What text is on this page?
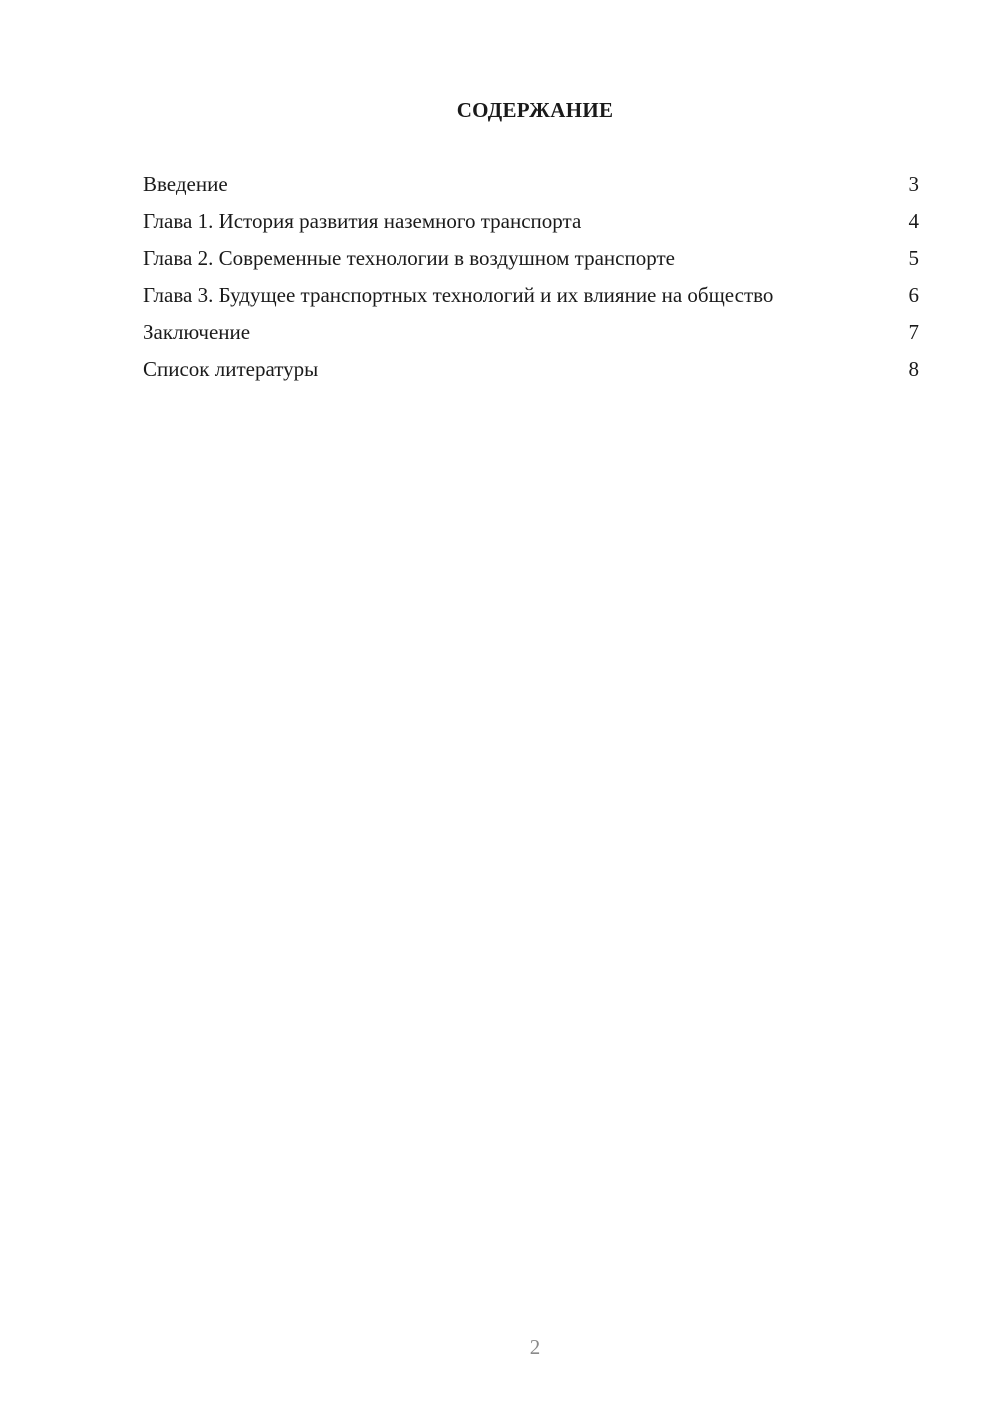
СОДЕРЖАНИЕ
Введение	3
Глава 1. История развития наземного транспорта	4
Глава 2. Современные технологии в воздушном транспорте	5
Глава 3. Будущее транспортных технологий и их влияние на общество	6
Заключение	7
Список литературы	8
2
